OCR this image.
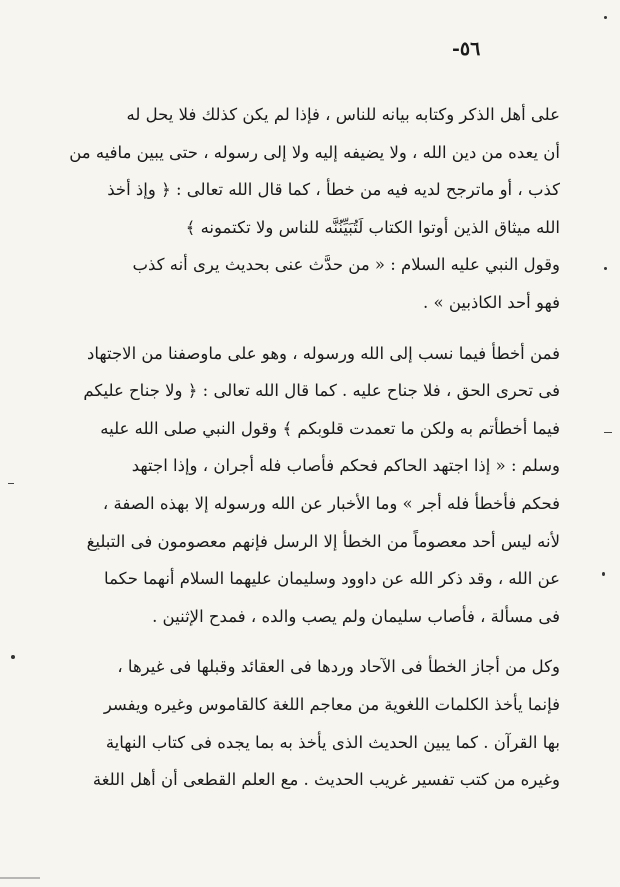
-٥٦

على أهل الذكر وكتابه بيانه للناس ، فإذا لم يكن كذلك فلا يحل له
أن يعده من دين الله ، ولا يضيفه إليه ولا إلى رسوله ، حتى يبين مافيه من
كذب ، أو ماترجح لديه فيه من خطأ ، كما قال الله تعالى : ﴿ وإذ أخذ
الله ميثاق الذين أوتوا الكتاب لَتُبَيِّنُنَّه للناس ولا تكتمونه ﴾
وقول النبي عليه السلام : « من حدَّث عنى بحديث يرى أنه كذب
فهو أحد الكاذبين » .

فمن أخطأ فيما نسب إلى الله ورسوله ، وهو على ماوصفنا من الاجتهاد
فى تحرى الحق ، فلا جناح عليه . كما قال الله تعالى : ﴿ ولا جناح عليكم
فيما أخطأتم به ولكن ما تعمدت قلوبكم ﴾ وقول النبي صلى الله عليه
وسلم : « إذا اجتهد الحاكم فحكم فأصاب فله أجران ، وإذا اجتهد
فحكم فأخطأ فله أجر » وما الأخبار عن الله ورسوله إلا بهذه الصفة ،
لأنه ليس أحد معصوماً من الخطأ إلا الرسل فإنهم معصومون فى التبليغ
عن الله ، وقد ذكر الله عن داوود وسليمان عليهما السلام أنهما حكما
فى مسألة ، فأصاب سليمان ولم يصب والده ، فمدح الإثنين .

وكل من أجاز الخطأ فى الآحاد وردها فى العقائد وقبلها فى غيرها ،
فإنما يأخذ الكلمات اللغوية من معاجم اللغة كالقاموس وغيره ويفسر
بها القرآن . كما يبين الحديث الذى يأخذ به بما يجده فى كتاب النهاية
وغيره من كتب تفسير غريب الحديث . مع العلم القطعى أن أهل اللغة
